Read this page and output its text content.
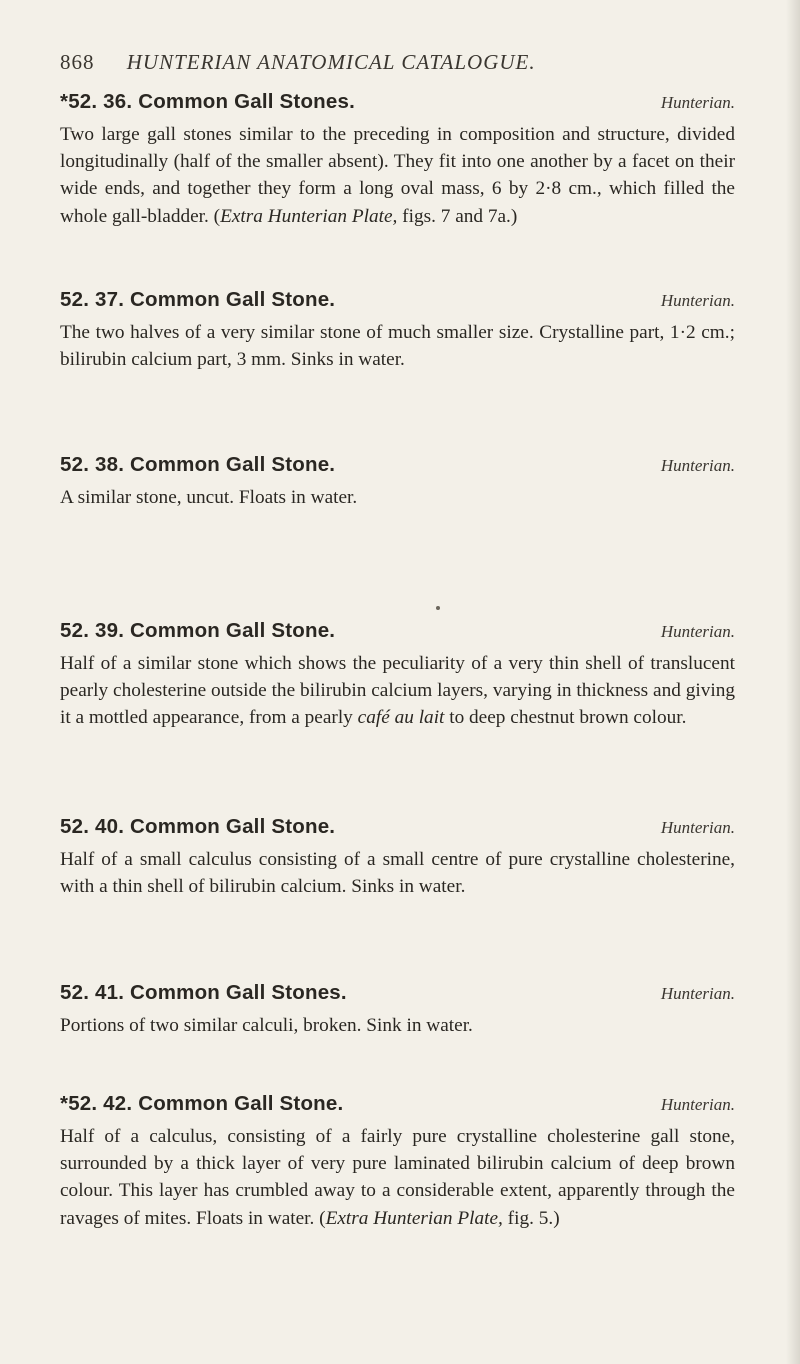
868 HUNTERIAN ANATOMICAL CATALOGUE.
*52. 36. Common Gall Stones.	Hunterian.

Two large gall stones similar to the preceding in composition and structure, divided longitudinally (half of the smaller absent). They fit into one another by a facet on their wide ends, and together they form a long oval mass, 6 by 2·8 cm., which filled the whole gall-bladder. (Extra Hunterian Plate, figs. 7 and 7a.)

52. 37. Common Gall Stone.	Hunterian.

The two halves of a very similar stone of much smaller size. Crystalline part, 1·2 cm.; bilirubin calcium part, 3 mm. Sinks in water.

52. 38. Common Gall Stone.	Hunterian.

A similar stone, uncut. Floats in water.

52. 39. Common Gall Stone.	Hunterian.

Half of a similar stone which shows the peculiarity of a very thin shell of translucent pearly cholesterine outside the bilirubin calcium layers, varying in thickness and giving it a mottled appearance, from a pearly café au lait to deep chestnut brown colour.

52. 40. Common Gall Stone.	Hunterian.

Half of a small calculus consisting of a small centre of pure crystalline cholesterine, with a thin shell of bilirubin calcium. Sinks in water.

52. 41. Common Gall Stones.	Hunterian.

Portions of two similar calculi, broken. Sink in water.

*52. 42. Common Gall Stone.	Hunterian.

Half of a calculus, consisting of a fairly pure crystalline cholesterine gall stone, surrounded by a thick layer of very pure laminated bilirubin calcium of deep brown colour. This layer has crumbled away to a considerable extent, apparently through the ravages of mites. Floats in water. (Extra Hunterian Plate, fig. 5.)
